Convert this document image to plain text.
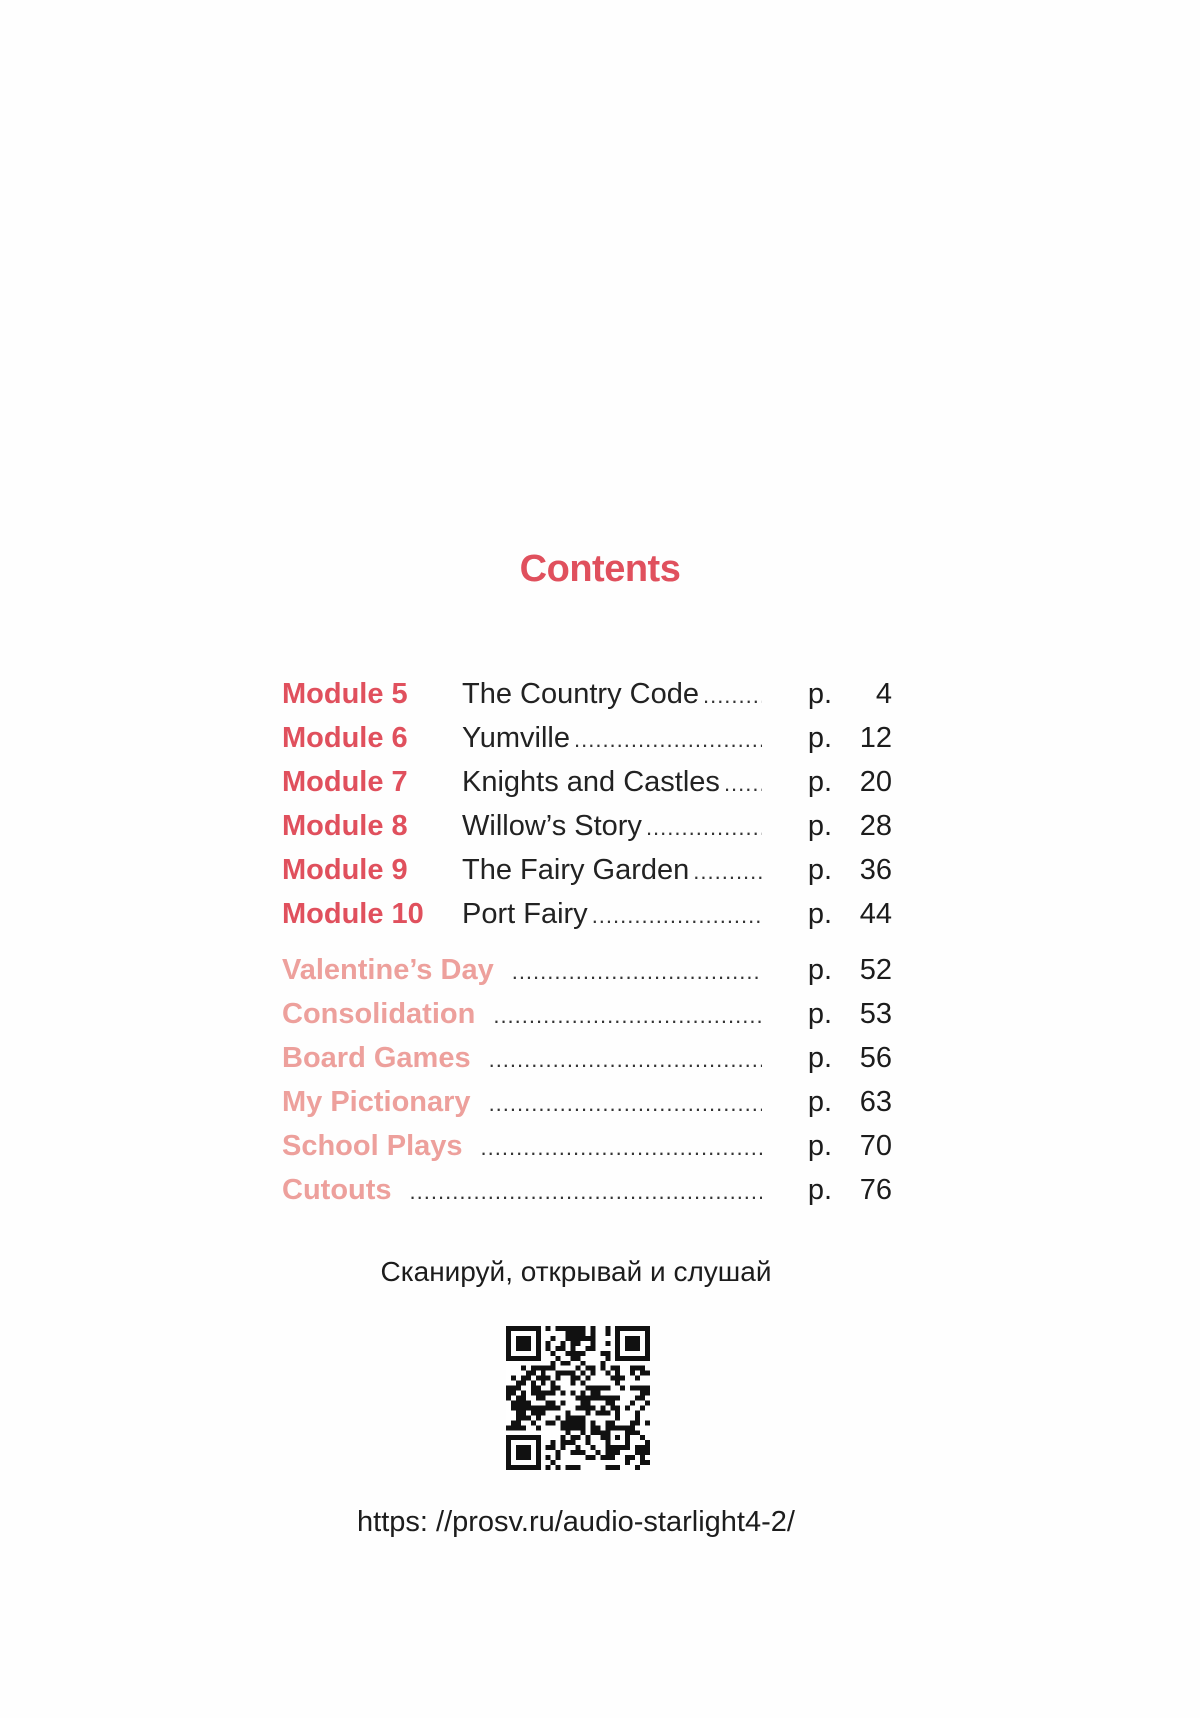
Contents
Module 5	The Country Code .....	p.	4
Module 6	Yumville .....	p. 12
Module 7	Knights and Castles .....	p. 20
Module 8	Willow’s Story .....	p. 28
Module 9	The Fairy Garden .....	p. 36
Module 10	Port Fairy .....	p. 44
Valentine’s Day .....	p. 52
Consolidation .....	p. 53
Board Games .....	p. 56
My Pictionary .....	p. 63
School Plays .....	p. 70
Cutouts .....	p. 76
Сканируй, открывай и слушай
https: //prosv.ru/audio-starlight4-2/
